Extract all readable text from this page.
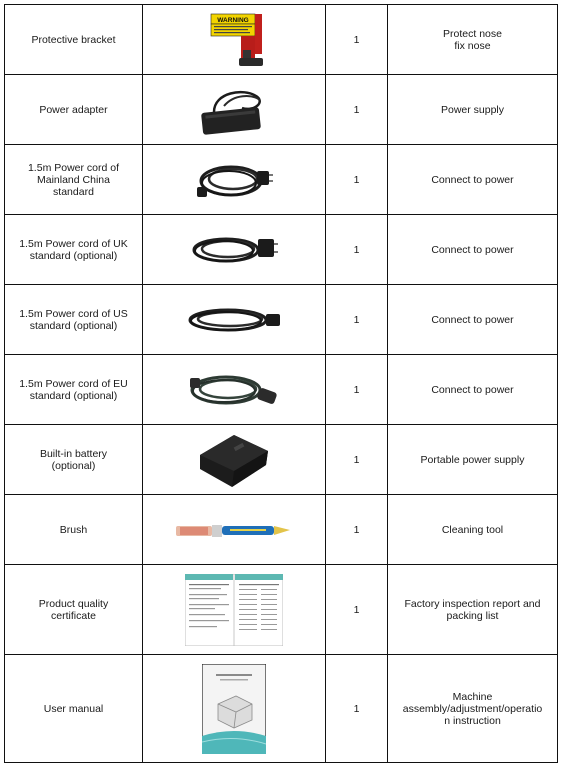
Protective bracket	WARNING	1	Protect nose
fix nose
Power adapter		1	Power supply
1.5m Power cord of
Mainland China
standard		1	Connect to power
1.5m Power cord of UK
standard (optional)		1	Connect to power
1.5m Power cord of US
standard (optional)		1	Connect to power
1.5m Power cord of EU
standard (optional)		1	Connect to power
Built-in battery
(optional)		1	Portable power supply
Brush		1	Cleaning tool
Product quality
certificate		1	Factory inspection report and
packing list
User manual		1	Machine
assembly/adjustment/operatio
n instruction
